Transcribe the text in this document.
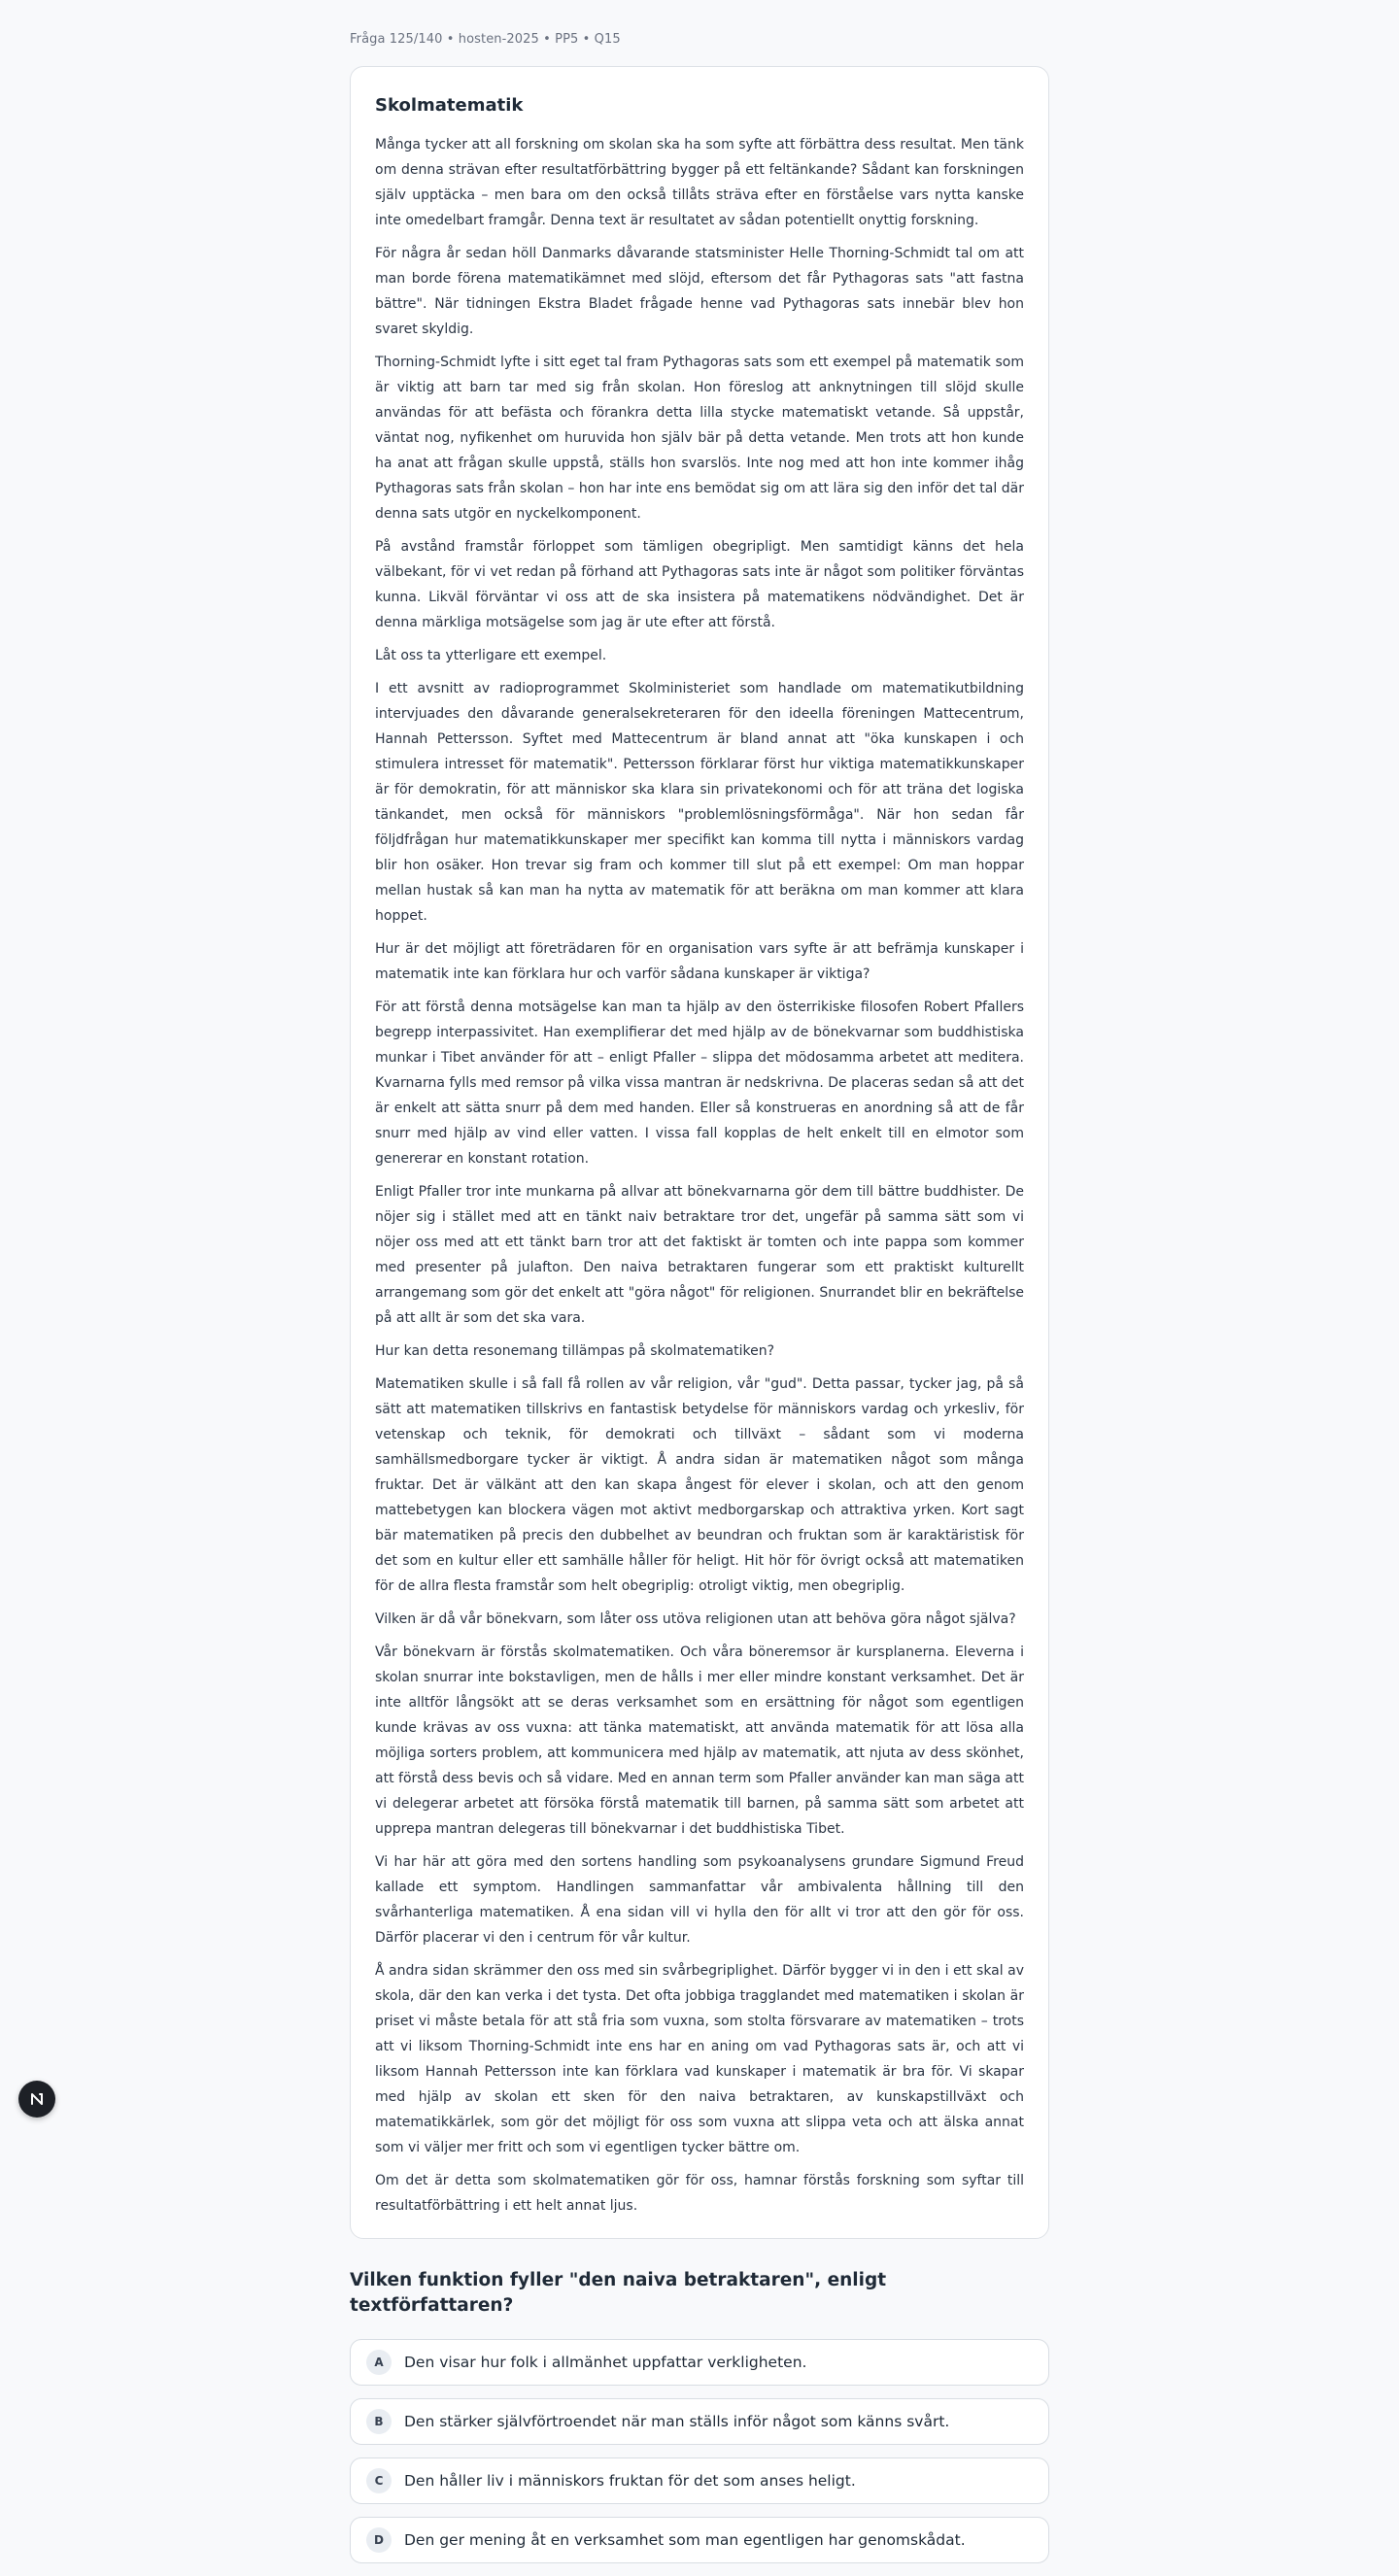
Fråga 125/140 • hosten-2025 • PP5 • Q15
Skolmatematik

Många tycker att all forskning om skolan ska ha som syfte att förbättra dess resultat. Men tänk om denna strävan efter resultatförbättring bygger på ett feltänkande? Sådant kan forskningen själv upptäcka – men bara om den också tillåts sträva efter en förståelse vars nytta kanske inte omedelbart framgår. Denna text är resultatet av sådan potentiellt onyttig forskning.

För några år sedan höll Danmarks dåvarande statsminister Helle Thorning-Schmidt tal om att man borde förena matematikämnet med slöjd, eftersom det får Pythagoras sats "att fastna bättre". När tidningen Ekstra Bladet frågade henne vad Pythagoras sats innebär blev hon svaret skyldig.

Thorning-Schmidt lyfte i sitt eget tal fram Pythagoras sats som ett exempel på matematik som är viktig att barn tar med sig från skolan. Hon föreslog att anknytningen till slöjd skulle användas för att befästa och förankra detta lilla stycke matematiskt vetande. Så uppstår, väntat nog, nyfikenhet om huruvida hon själv bär på detta vetande. Men trots att hon kunde ha anat att frågan skulle uppstå, ställs hon svarslös. Inte nog med att hon inte kommer ihåg Pythagoras sats från skolan – hon har inte ens bemödat sig om att lära sig den inför det tal där denna sats utgör en nyckelkomponent.

På avstånd framstår förloppet som tämligen obegripligt. Men samtidigt känns det hela välbekant, för vi vet redan på förhand att Pythagoras sats inte är något som politiker förväntas kunna. Likväl förväntar vi oss att de ska insistera på matematikens nödvändighet. Det är denna märkliga motsägelse som jag är ute efter att förstå.

Låt oss ta ytterligare ett exempel.

I ett avsnitt av radioprogrammet Skolministeriet som handlade om matematikutbildning intervjuades den dåvarande generalsekreteraren för den ideella föreningen Mattecentrum, Hannah Pettersson. Syftet med Mattecentrum är bland annat att "öka kunskapen i och stimulera intresset för matematik". Pettersson förklarar först hur viktiga matematikkunskaper är för demokratin, för att människor ska klara sin privatekonomi och för att träna det logiska tänkandet, men också för människors "problemlösningsförmåga". När hon sedan får följdfrågan hur matematikkunskaper mer specifikt kan komma till nytta i människors vardag blir hon osäker. Hon trevar sig fram och kommer till slut på ett exempel: Om man hoppar mellan hustak så kan man ha nytta av matematik för att beräkna om man kommer att klara hoppet.

Hur är det möjligt att företrädaren för en organisation vars syfte är att befrämja kunskaper i matematik inte kan förklara hur och varför sådana kunskaper är viktiga?

För att förstå denna motsägelse kan man ta hjälp av den österrikiske filosofen Robert Pfallers begrepp interpassivitet. Han exemplifierar det med hjälp av de bönekvarnar som buddhistiska munkar i Tibet använder för att – enligt Pfaller – slippa det mödosamma arbetet att meditera. Kvarnarna fylls med remsor på vilka vissa mantran är nedskrivna. De placeras sedan så att det är enkelt att sätta snurr på dem med handen. Eller så konstrueras en anordning så att de får snurr med hjälp av vind eller vatten. I vissa fall kopplas de helt enkelt till en elmotor som genererar en konstant rotation.

Enligt Pfaller tror inte munkarna på allvar att bönekvarnarna gör dem till bättre buddhister. De nöjer sig i stället med att en tänkt naiv betraktare tror det, ungefär på samma sätt som vi nöjer oss med att ett tänkt barn tror att det faktiskt är tomten och inte pappa som kommer med presenter på julafton. Den naiva betraktaren fungerar som ett praktiskt kulturellt arrangemang som gör det enkelt att "göra något" för religionen. Snurrandet blir en bekräftelse på att allt är som det ska vara.

Hur kan detta resonemang tillämpas på skolmatematiken?

Matematiken skulle i så fall få rollen av vår religion, vår "gud". Detta passar, tycker jag, på så sätt att matematiken tillskrivs en fantastisk betydelse för människors vardag och yrkesliv, för vetenskap och teknik, för demokrati och tillväxt – sådant som vi moderna samhällsmedborgare tycker är viktigt. Å andra sidan är matematiken något som många fruktar. Det är välkänt att den kan skapa ångest för elever i skolan, och att den genom mattebetygen kan blockera vägen mot aktivt medborgarskap och attraktiva yrken. Kort sagt bär matematiken på precis den dubbelhet av beundran och fruktan som är karaktäristisk för det som en kultur eller ett samhälle håller för heligt. Hit hör för övrigt också att matematiken för de allra flesta framstår som helt obegriplig: otroligt viktig, men obegriplig.

Vilken är då vår bönekvarn, som låter oss utöva religionen utan att behöva göra något själva?

Vår bönekvarn är förstås skolmatematiken. Och våra böneremsor är kursplanerna. Eleverna i skolan snurrar inte bokstavligen, men de hålls i mer eller mindre konstant verksamhet. Det är inte alltför långsökt att se deras verksamhet som en ersättning för något som egentligen kunde krävas av oss vuxna: att tänka matematiskt, att använda matematik för att lösa alla möjliga sorters problem, att kommunicera med hjälp av matematik, att njuta av dess skönhet, att förstå dess bevis och så vidare. Med en annan term som Pfaller använder kan man säga att vi delegerar arbetet att försöka förstå matematik till barnen, på samma sätt som arbetet att upprepa mantran delegeras till bönekvarnar i det buddhistiska Tibet.

Vi har här att göra med den sortens handling som psykoanalysens grundare Sigmund Freud kallade ett symptom. Handlingen sammanfattar vår ambivalenta hållning till den svårhanterliga matematiken. Å ena sidan vill vi hylla den för allt vi tror att den gör för oss. Därför placerar vi den i centrum för vår kultur.

Å andra sidan skrämmer den oss med sin svårbegriplighet. Därför bygger vi in den i ett skal av skola, där den kan verka i det tysta. Det ofta jobbiga tragglandet med matematiken i skolan är priset vi måste betala för att stå fria som vuxna, som stolta försvarare av matematiken – trots att vi liksom Thorning-Schmidt inte ens har en aning om vad Pythagoras sats är, och att vi liksom Hannah Pettersson inte kan förklara vad kunskaper i matematik är bra för. Vi skapar med hjälp av skolan ett sken för den naiva betraktaren, av kunskapstillväxt och matematikkärlek, som gör det möjligt för oss som vuxna att slippa veta och att älska annat som vi väljer mer fritt och som vi egentligen tycker bättre om.

Om det är detta som skolmatematiken gör för oss, hamnar förstås forskning som syftar till resultatförbättring i ett helt annat ljus.

Vilken funktion fyller "den naiva betraktaren", enligt textförfattaren?
A	Den visar hur folk i allmänhet uppfattar verkligheten.
B	Den stärker självförtroendet när man ställs inför något som känns svårt.
C	Den håller liv i människors fruktan för det som anses heligt.
D	Den ger mening åt en verksamhet som man egentligen har genomskådat.
